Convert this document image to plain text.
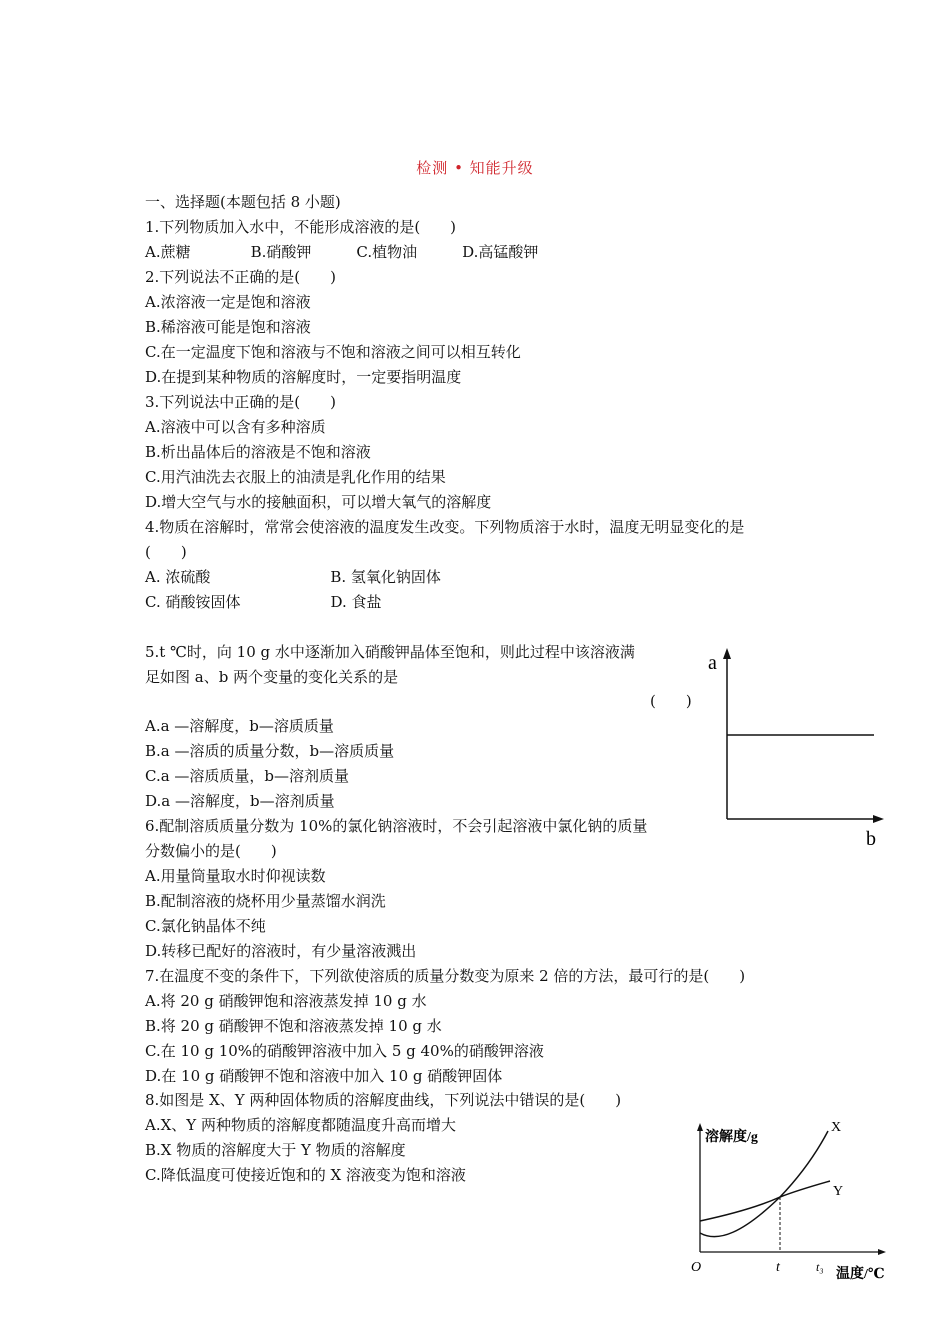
检测 • 知能升级
一、选择题(本题包括 8 小题)
1.下列物质加入水中，不能形成溶液的是(　　)
A.蔗糖　　　　B.硝酸钾　　　C.植物油　　　D.高锰酸钾
2.下列说法不正确的是(　　)
A.浓溶液一定是饱和溶液
B.稀溶液可能是饱和溶液
C.在一定温度下饱和溶液与不饱和溶液之间可以相互转化
D.在提到某种物质的溶解度时，一定要指明温度
3.下列说法中正确的是(　　)
A.溶液中可以含有多种溶质
B.析出晶体后的溶液是不饱和溶液
C.用汽油洗去衣服上的油渍是乳化作用的结果
D.增大空气与水的接触面积，可以增大氧气的溶解度
4.物质在溶解时，常常会使溶液的温度发生改变。下列物质溶于水时，温度无明显变化的是
(　　)
A. 浓硫酸　　　　　　　　B. 氢氧化钠固体
C. 硝酸铵固体　　　　　　D. 食盐
5.t ℃时，向 10 g 水中逐渐加入硝酸钾晶体至饱和，则此过程中该溶液满
足如图 a、b 两个变量的变化关系的是
(　　)
A.a —溶解度，b—溶质质量
B.a —溶质的质量分数，b—溶质质量
C.a —溶质质量，b—溶剂质量
D.a —溶解度，b—溶剂质量
a
b
6.配制溶质质量分数为 10%的氯化钠溶液时，不会引起溶液中氯化钠的质量
分数偏小的是(　　)
A.用量筒量取水时仰视读数
B.配制溶液的烧杯用少量蒸馏水润洗
C.氯化钠晶体不纯
D.转移已配好的溶液时，有少量溶液溅出
7.在温度不变的条件下，下列欲使溶质的质量分数变为原来 2 倍的方法，最可行的是(　　)
A.将 20 g 硝酸钾饱和溶液蒸发掉 10 g 水
B.将 20 g 硝酸钾不饱和溶液蒸发掉 10 g 水
C.在 10 g 10%的硝酸钾溶液中加入 5 g 40%的硝酸钾溶液
D.在 10 g 硝酸钾不饱和溶液中加入 10 g 硝酸钾固体
8.如图是 X、Y 两种固体物质的溶解度曲线，下列说法中错误的是(　　)
A.X、Y 两种物质的溶解度都随温度升高而增大
B.X 物质的溶解度大于 Y 物质的溶解度
C.降低温度可使接近饱和的 X 溶液变为饱和溶液
溶解度/g
X
Y
O	t	t₃ 温度/℃
